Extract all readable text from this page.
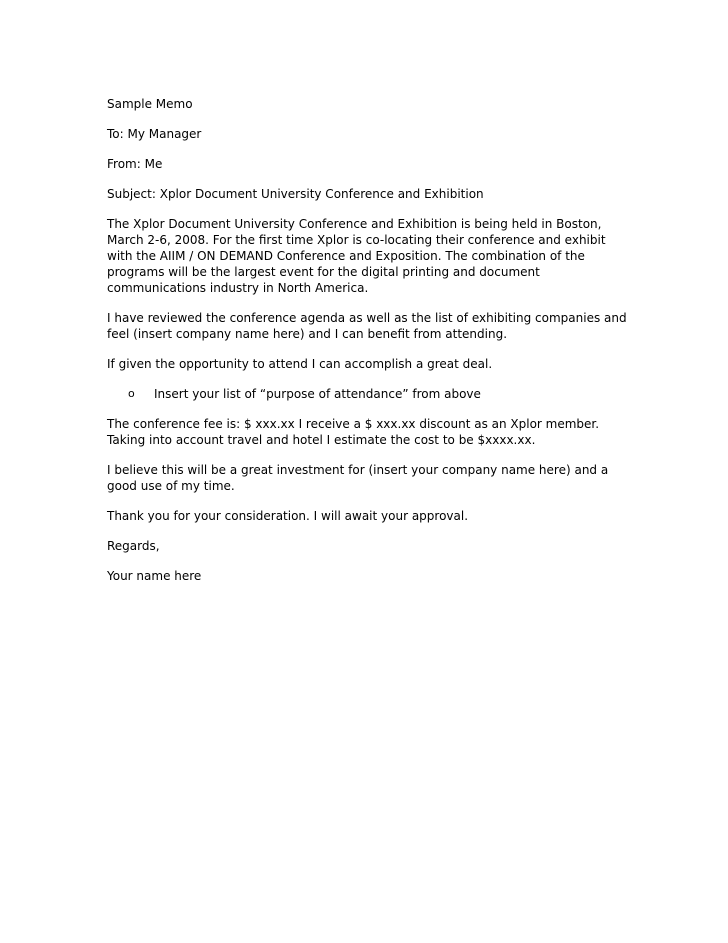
Sample Memo

To: My Manager

From: Me

Subject: Xplor Document University Conference and Exhibition

The Xplor Document University Conference and Exhibition is being held in Boston,
March 2-6, 2008. For the first time Xplor is co-locating their conference and exhibit
with the AIIM / ON DEMAND Conference and Exposition. The combination of the
programs will be the largest event for the digital printing and document
communications industry in North America.

I have reviewed the conference agenda as well as the list of exhibiting companies and
feel (insert company name here) and I can benefit from attending.

If given the opportunity to attend I can accomplish a great deal.

o	Insert your list of “purpose of attendance” from above

The conference fee is: $ xxx.xx I receive a $ xxx.xx discount as an Xplor member.
Taking into account travel and hotel I estimate the cost to be $xxxx.xx.

I believe this will be a great investment for (insert your company name here) and a
good use of my time.

Thank you for your consideration. I will await your approval.

Regards,

Your name here
